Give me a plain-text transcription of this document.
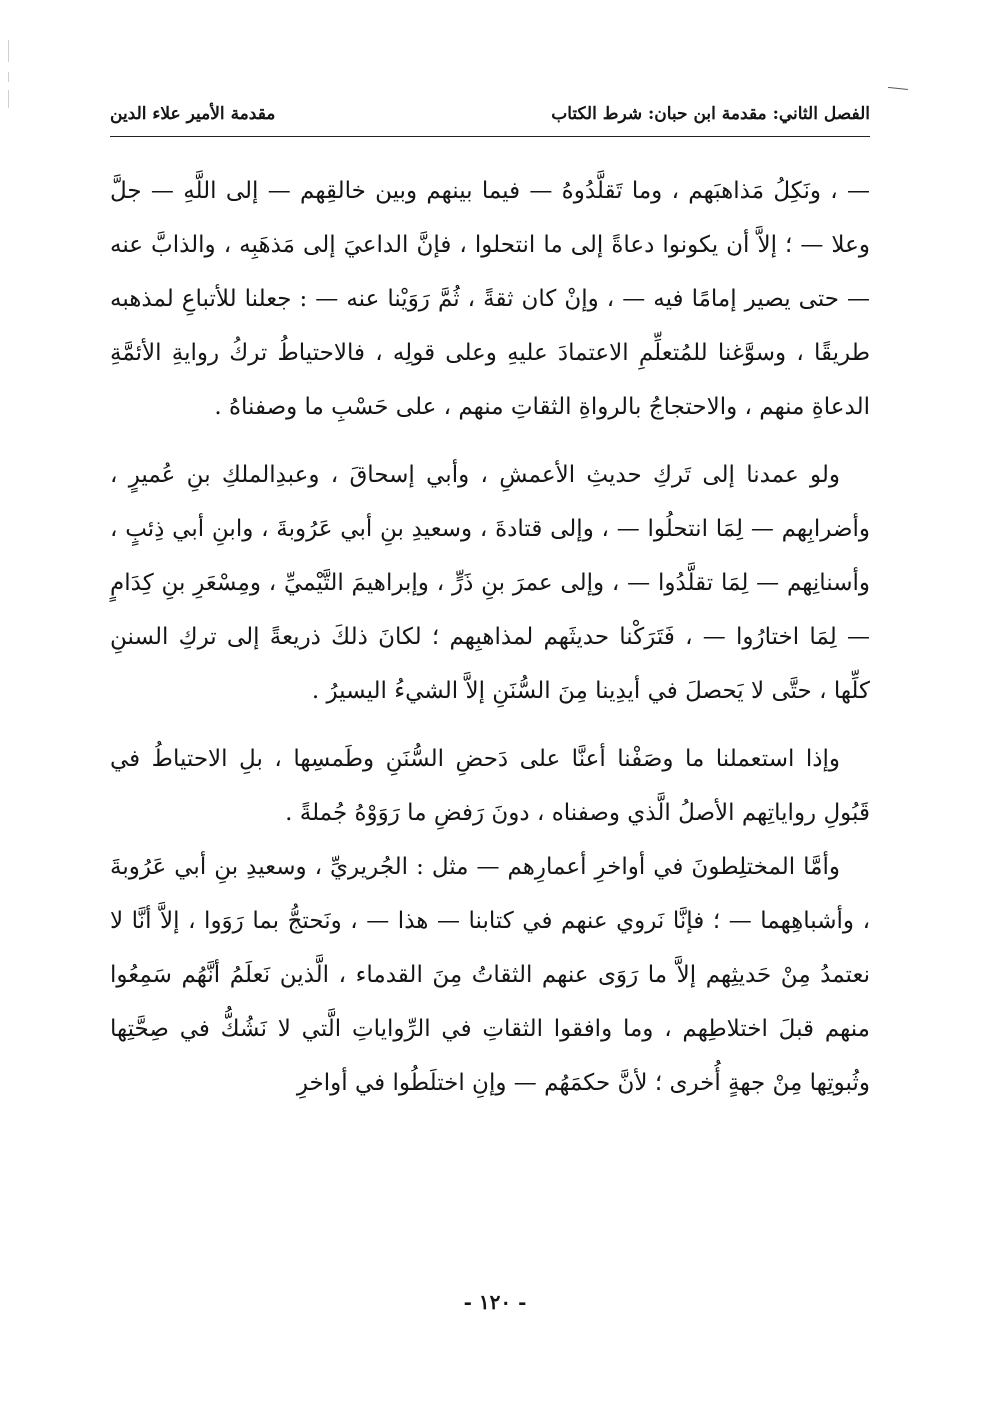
الفصل الثاني: مقدمة ابن حبان: شرط الكتاب
مقدمة الأمير علاء الدين

— ، ونَكِلُ مَذاهبَهم ، وما تَقلَّدُوهُ — فيما بينهم وبين خالقِهم — إلى اللَّهِ — جلَّ وعلا — ؛ إلاَّ أن يكونوا دعاةً إلى ما انتحلوا ، فإنَّ الداعيَ إلى مَذهَبِه ، والذابَّ عنه — حتى يصير إمامًا فيه — ، وإنْ كان ثقةً ، ثُمَّ رَوَيْنا عنه — : جعلنا للأتباعِ لمذهبه طريقًا ، وسوَّغنا للمُتعلِّمِ الاعتمادَ عليهِ وعلى قولِه ، فالاحتياطُ تركُ روايةِ الأئمَّةِ الدعاةِ منهم ، والاحتجاجُ بالرواةِ الثقاتِ منهم ، على حَسْبِ ما وصفناهُ .

ولو عمدنا إلى تَركِ حديثِ الأعمشِ ، وأبي إسحاقَ ، وعبدِالملكِ بنِ عُميرٍ ، وأضرابِهم — لِمَا انتحلُوا — ، وإلى قتادةَ ، وسعيدِ بنِ أبي عَرُوبةَ ، وابنِ أبي ذِئبٍ ، وأسنانِهم — لِمَا تقلَّدُوا — ، وإلى عمرَ بنِ ذَرٍّ ، وإبراهيمَ التَّيْميِّ ، ومِسْعَرِ بنِ كِدَامٍ — لِمَا اختارُوا — ، فَتَرَكْنا حديثَهم لمذاهبِهم ؛ لكانَ ذلكَ ذريعةً إلى تركِ السننِ كلِّها ، حتَّى لا يَحصلَ في أيدِينا مِنَ السُّنَنِ إلاَّ الشيءُ اليسيرُ .

وإذا استعملنا ما وصَفْنا أعنَّا على دَحضِ السُّنَنِ وطَمسِها ، بلِ الاحتياطُ في قَبُولِ رواياتِهم الأصلُ الَّذي وصفناه ، دونَ رَفضِ ما رَوَوْهُ جُملةً .

وأمَّا المختلِطونَ في أواخرِ أعمارِهم — مثل : الجُريريِّ ، وسعيدِ بنِ أبي عَرُوبةَ ، وأشباهِهما — ؛ فإنَّا نَروي عنهم في كتابنا — هذا — ، ونَحتجُّ بما رَوَوا ، إلاَّ أنَّا لا نعتمدُ مِنْ حَديثِهم إلاَّ ما رَوَى عنهم الثقاتُ مِنَ القدماء ، الَّذين نَعلَمُ أنَّهُم سَمِعُوا منهم قبلَ اختلاطِهم ، وما وافقوا الثقاتِ في الرِّواياتِ الَّتي لا نَشُكُّ في صِحَّتِها وثُبوتِها مِنْ جهةٍ أُخرى ؛ لأنَّ حكمَهُم — وإنِ اختلَطُوا في أواخرِ

- ١٢٠ -
